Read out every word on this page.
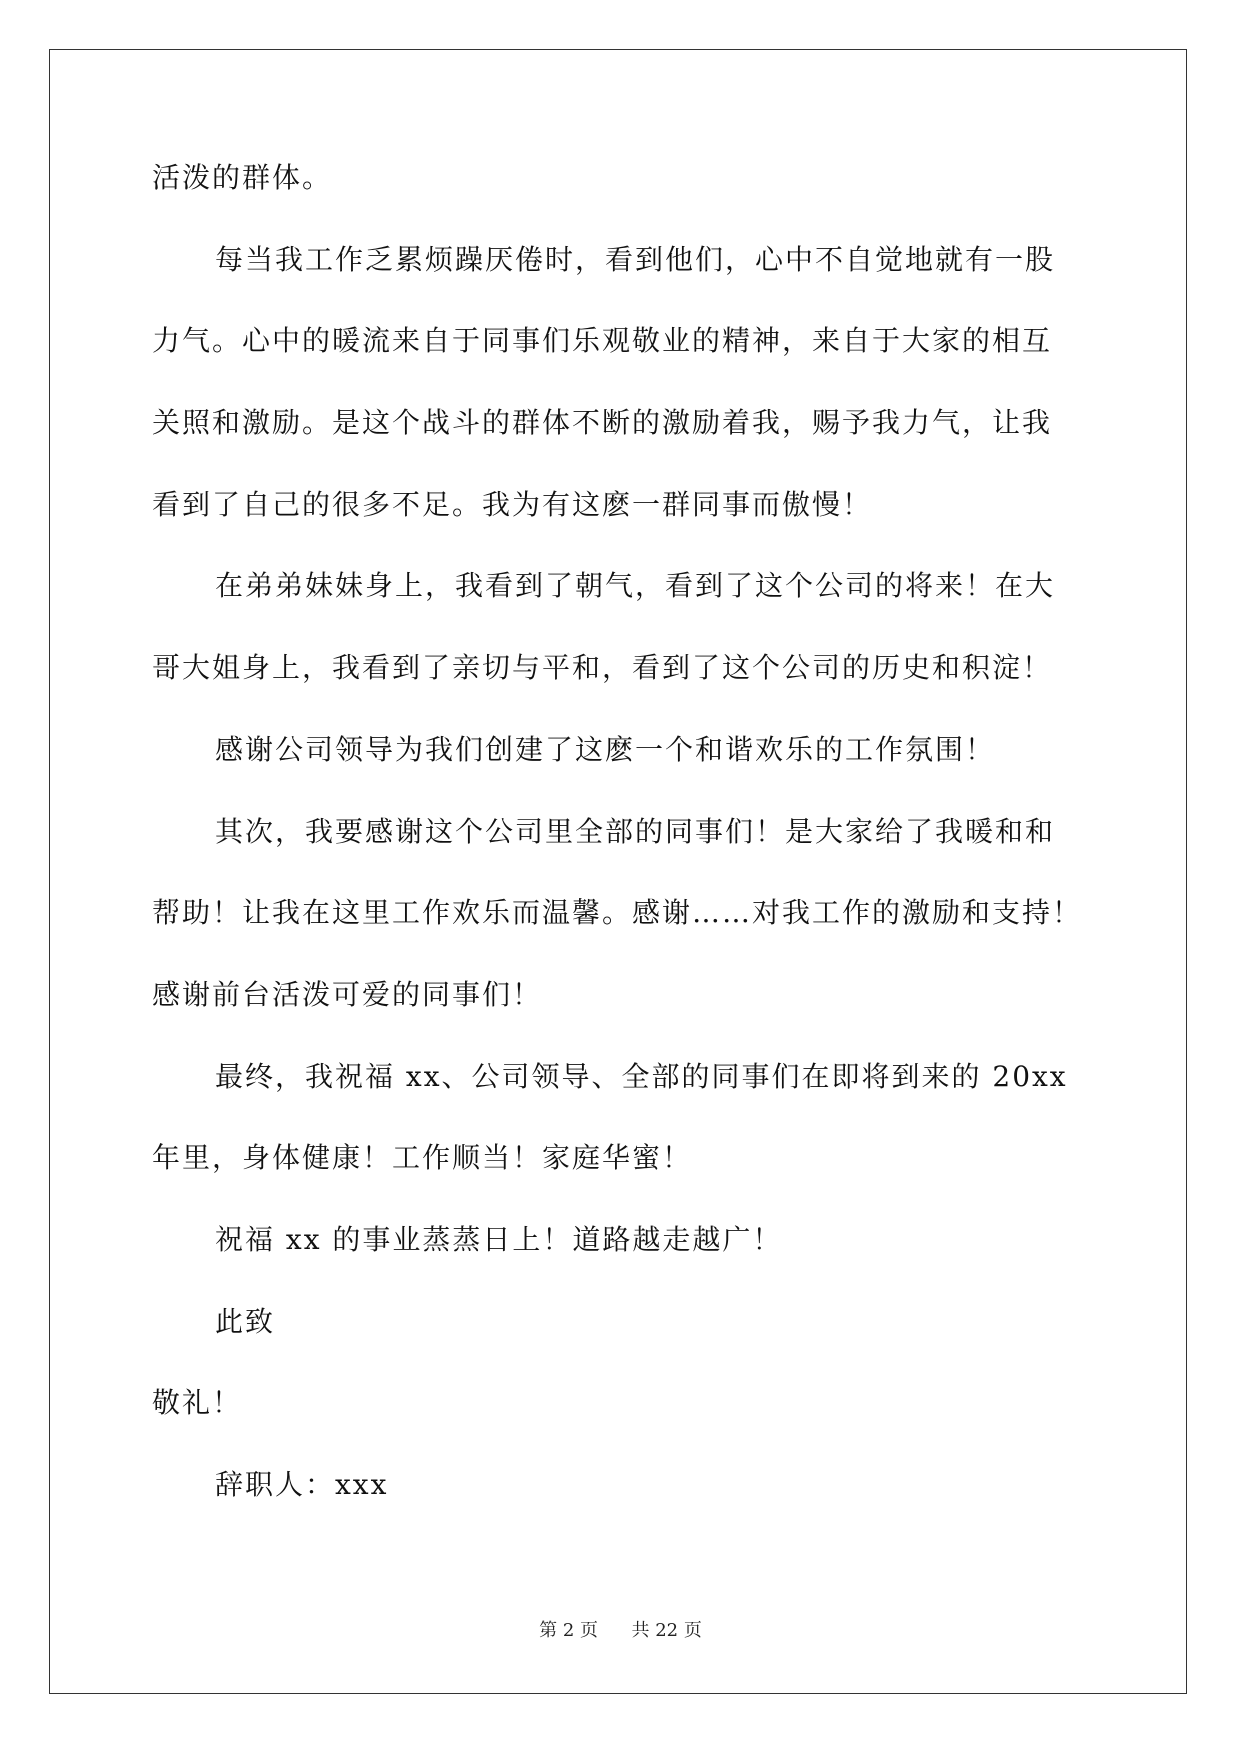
活泼的群体。
每当我工作乏累烦躁厌倦时，看到他们，心中不自觉地就有一股
力气。心中的暖流来自于同事们乐观敬业的精神，来自于大家的相互
关照和激励。是这个战斗的群体不断的激励着我，赐予我力气，让我
看到了自己的很多不足。我为有这麽一群同事而傲慢！
在弟弟妹妹身上，我看到了朝气，看到了这个公司的将来！在大
哥大姐身上，我看到了亲切与平和，看到了这个公司的历史和积淀！
感谢公司领导为我们创建了这麽一个和谐欢乐的工作氛围！
其次，我要感谢这个公司里全部的同事们！是大家给了我暖和和
帮助！让我在这里工作欢乐而温馨。感谢……对我工作的激励和支持！
感谢前台活泼可爱的同事们！
最终，我祝福 xx、公司领导、全部的同事们在即将到来的 20xx
年里，身体健康！工作顺当！家庭华蜜！
祝福 xx 的事业蒸蒸日上！道路越走越广！
此致
敬礼！
辞职人：xxx
第 2 页 共 22 页
